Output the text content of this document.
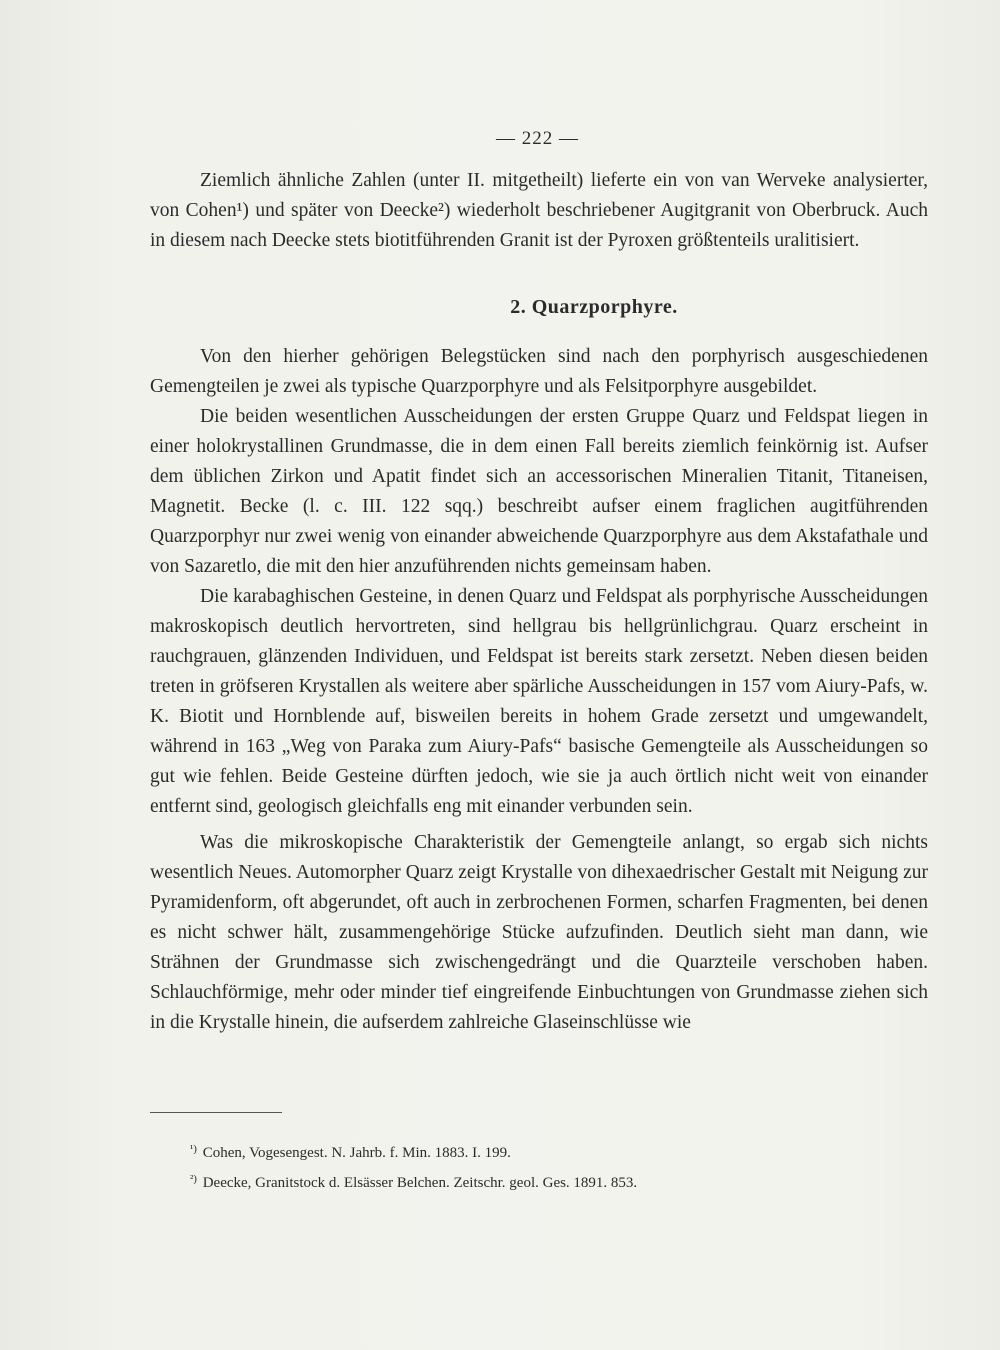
— 222 —

Ziemlich ähnliche Zahlen (unter II. mitgetheilt) lieferte ein von van Werveke analysierter, von Cohen¹) und später von Deecke²) wiederholt beschriebener Augitgranit von Oberbruck. Auch in diesem nach Deecke stets biotitführenden Granit ist der Pyroxen größtenteils uralitisiert.

2. Quarzporphyre.

Von den hierher gehörigen Belegstücken sind nach den porphyrisch ausgeschiedenen Gemengteilen je zwei als typische Quarzporphyre und als Felsitporphyre ausgebildet.

Die beiden wesentlichen Ausscheidungen der ersten Gruppe Quarz und Feldspat liegen in einer holokrystallinen Grundmasse, die in dem einen Fall bereits ziemlich feinkörnig ist. Aufser dem üblichen Zirkon und Apatit findet sich an accessorischen Mineralien Titanit, Titaneisen, Magnetit. Becke (l. c. III. 122 sqq.) beschreibt aufser einem fraglichen augitführenden Quarzporphyr nur zwei wenig von einander abweichende Quarzporphyre aus dem Akstafathale und von Sazaretlo, die mit den hier anzuführenden nichts gemeinsam haben.

Die karabaghischen Gesteine, in denen Quarz und Feldspat als porphyrische Ausscheidungen makroskopisch deutlich hervortreten, sind hellgrau bis hellgrünlichgrau. Quarz erscheint in rauchgrauen, glänzenden Individuen, und Feldspat ist bereits stark zersetzt. Neben diesen beiden treten in gröfseren Krystallen als weitere aber spärliche Ausscheidungen in 157 vom Aiury-Pafs, w. K. Biotit und Hornblende auf, bisweilen bereits in hohem Grade zersetzt und umgewandelt, während in 163 „Weg von Paraka zum Aiury-Pafs“ basische Gemengteile als Ausscheidungen so gut wie fehlen. Beide Gesteine dürften jedoch, wie sie ja auch örtlich nicht weit von einander entfernt sind, geologisch gleichfalls eng mit einander verbunden sein.

Was die mikroskopische Charakteristik der Gemengteile anlangt, so ergab sich nichts wesentlich Neues. Automorpher Quarz zeigt Krystalle von dihexaedrischer Gestalt mit Neigung zur Pyramidenform, oft abgerundet, oft auch in zerbrochenen Formen, scharfen Fragmenten, bei denen es nicht schwer hält, zusammengehörige Stücke aufzufinden. Deutlich sieht man dann, wie Strähnen der Grundmasse sich zwischengedrängt und die Quarzteile verschoben haben. Schlauchförmige, mehr oder minder tief eingreifende Einbuchtungen von Grundmasse ziehen sich in die Krystalle hinein, die aufserdem zahlreiche Glaseinschlüsse wie

$^{^1)}$ Cohen, Vogesengest. N. Jahrb. f. Min. 1883. I. 199.
$^{^2)}$ Deecke, Granitstock d. Elsässer Belchen. Zeitschr. geol. Ges. 1891. 853.
